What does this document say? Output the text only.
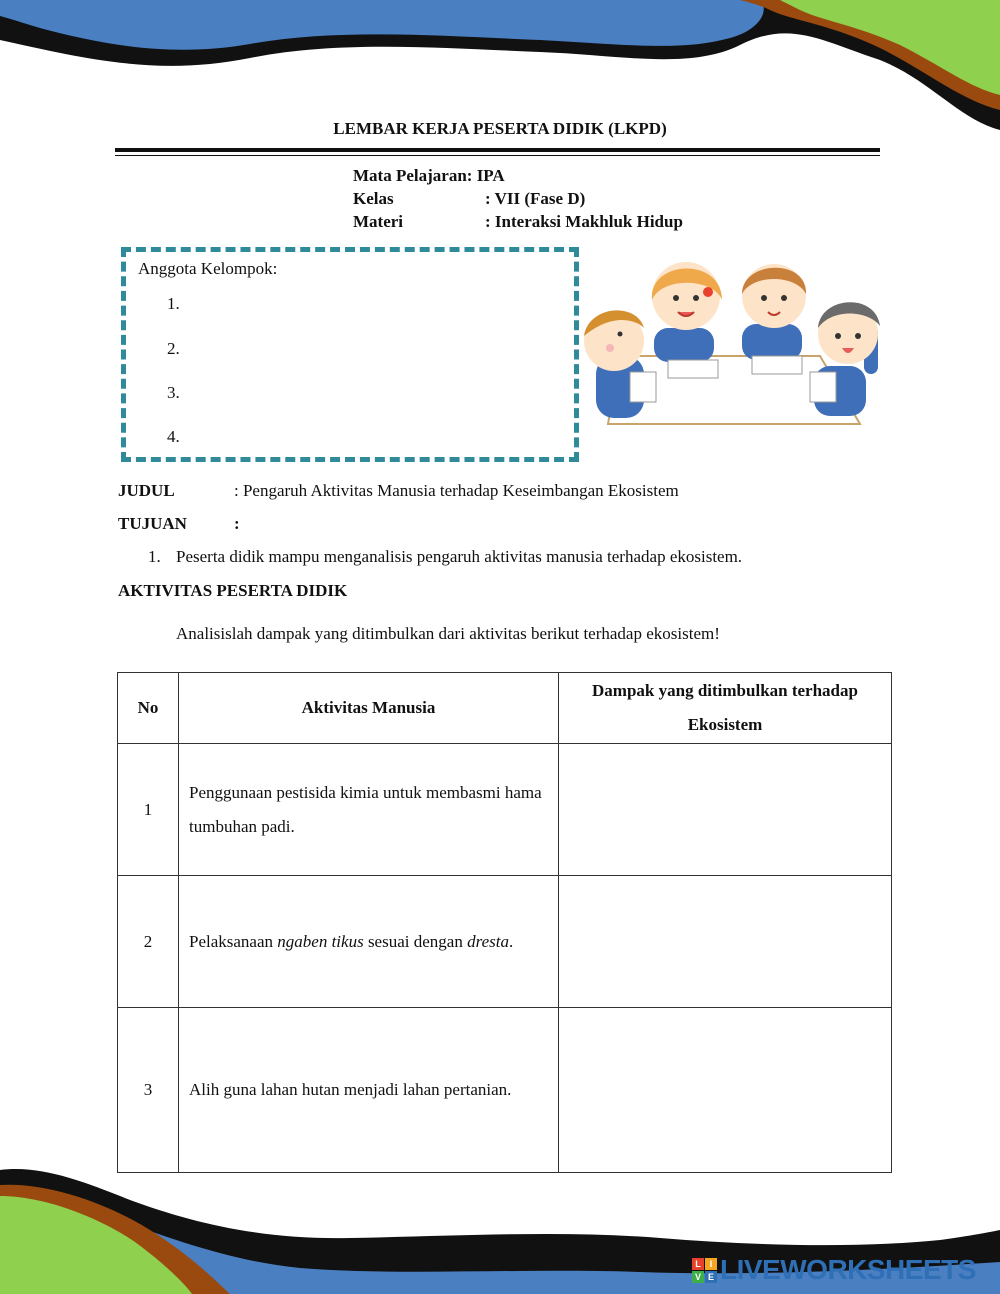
LEMBAR KERJA PESERTA DIDIK (LKPD)
Mata Pelajaran : IPA
Kelas	: VII (Fase D)
Materi	: Interaksi Makhluk Hidup
Anggota Kelompok:
1.
2.
3.
4.
JUDUL	: Pengaruh Aktivitas Manusia terhadap Keseimbangan Ekosistem
TUJUAN	:
1. Peserta didik mampu menganalisis pengaruh aktivitas manusia terhadap ekosistem.
AKTIVITAS PESERTA DIDIK
Analisislah dampak yang ditimbulkan dari aktivitas berikut terhadap ekosistem!
No	Aktivitas Manusia	Dampak yang ditimbulkan terhadap Ekosistem
1	Penggunaan pestisida kimia untuk membasmi hama tumbuhan padi.	
2	Pelaksanaan ngaben tikus sesuai dengan dresta.	
3	Alih guna lahan hutan menjadi lahan pertanian.	
L I
V E LIVEWORKSHEETS
